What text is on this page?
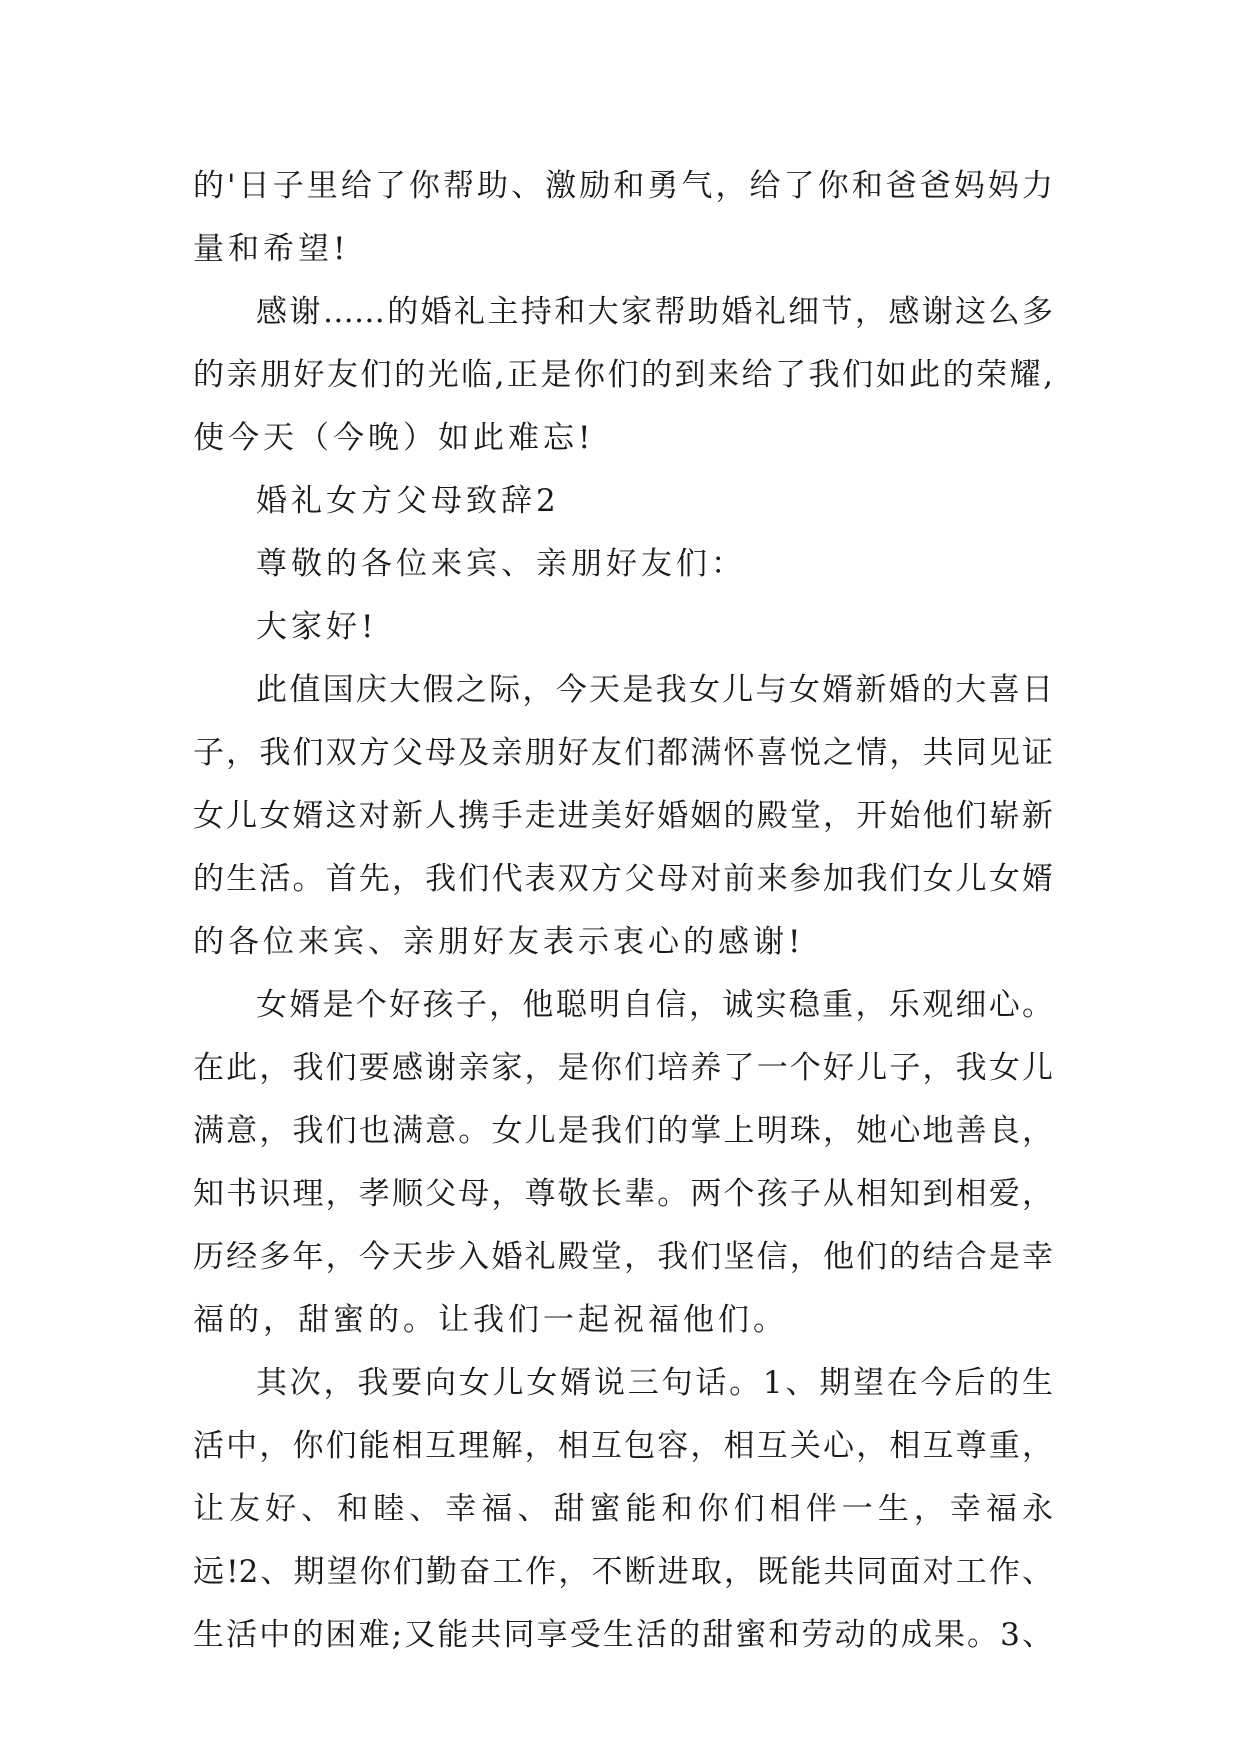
的'日子里给了你帮助、激励和勇气，给了你和爸爸妈妈力
量和希望!
感谢……的婚礼主持和大家帮助婚礼细节，感谢这么多
的亲朋好友们的光临,正是你们的到来给了我们如此的荣耀,
使今天（今晚）如此难忘!
婚礼女方父母致辞2
尊敬的各位来宾、亲朋好友们：
大家好!
此值国庆大假之际，今天是我女儿与女婿新婚的大喜日
子，我们双方父母及亲朋好友们都满怀喜悦之情，共同见证
女儿女婿这对新人携手走进美好婚姻的殿堂，开始他们崭新
的生活。首先，我们代表双方父母对前来参加我们女儿女婿
的各位来宾、亲朋好友表示衷心的感谢!
女婿是个好孩子，他聪明自信，诚实稳重，乐观细心。
在此，我们要感谢亲家，是你们培养了一个好儿子，我女儿
满意，我们也满意。女儿是我们的掌上明珠，她心地善良，
知书识理，孝顺父母，尊敬长辈。两个孩子从相知到相爱，
历经多年，今天步入婚礼殿堂，我们坚信，他们的结合是幸
福的，甜蜜的。让我们一起祝福他们。
其次，我要向女儿女婿说三句话。1、期望在今后的生
活中，你们能相互理解，相互包容，相互关心，相互尊重，
让友好、和睦、幸福、甜蜜能和你们相伴一生，幸福永
远!2、期望你们勤奋工作，不断进取，既能共同面对工作、
生活中的困难;又能共同享受生活的甜蜜和劳动的成果。3、
